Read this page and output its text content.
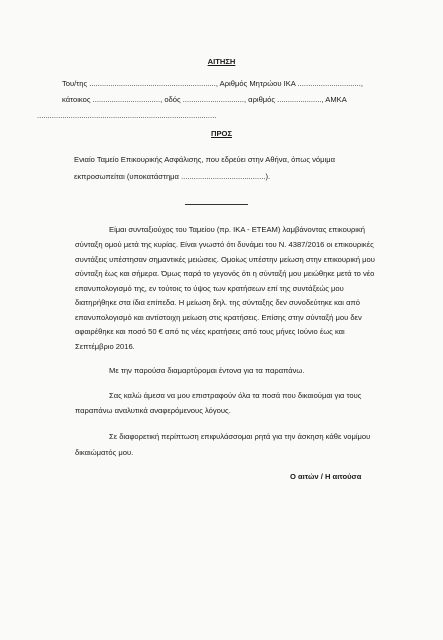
ΑΙΤΗΣΗ
Του/της ............................................................, Αριθμός Μητρώου ΙΚΑ ..............................,
κάτοικος ................................, οδός ............................., αριθμός ....................., ΑΜΚΑ
.....................................................................................
ΠΡΟΣ
Ενιαίο Ταμείο Επικουρικής Ασφάλισης, που εδρεύει στην Αθήνα, όπως νόμιμα
εκπροσωπείται (υποκατάστημα ........................................).
Είμαι συνταξιούχος του Ταμείου (πρ. ΙΚΑ - ΕΤΕΑΜ) λαμβάνοντας επικουρική
σύνταξη ομού μετά της κυρίας. Είναι γνωστό ότι δυνάμει του Ν. 4387/2016 οι επικουρικές
συντάξεις υπέστησαν σημαντικές μειώσεις. Ομοίως υπέστην μείωση στην επικουρική μου
σύνταξη έως και σήμερα. Όμως παρά το γεγονός ότι η σύνταξή μου μειώθηκε μετά το νέο
επανυπολογισμό της, εν τούτοις το ύψος των κρατήσεων επί της συντάξεώς μου
διατηρήθηκε στα ίδια επίπεδα. Η μείωση δηλ. της σύνταξης δεν συνοδεύτηκε και από
επανυπολογισμό και αντίστοιχη μείωση στις κρατήσεις. Επίσης στην σύνταξή μου δεν
αφαιρέθηκε και ποσό 50 € από τις νέες κρατήσεις από τους μήνες Ιούνιο έως και
Σεπτέμβριο 2016.
Με την παρούσα διαμαρτύρομαι έντονα για τα παραπάνω.
Σας καλώ άμεσα να μου επιστραφούν όλα τα ποσά που δικαιούμαι για τους
παραπάνω αναλυτικά αναφερόμενους λόγους.
Σε διαφορετική περίπτωση επιφυλάσσομαι ρητά για την άσκηση κάθε νομίμου
δικαιώματός μου.
Ο αιτών / Η αιτούσα
